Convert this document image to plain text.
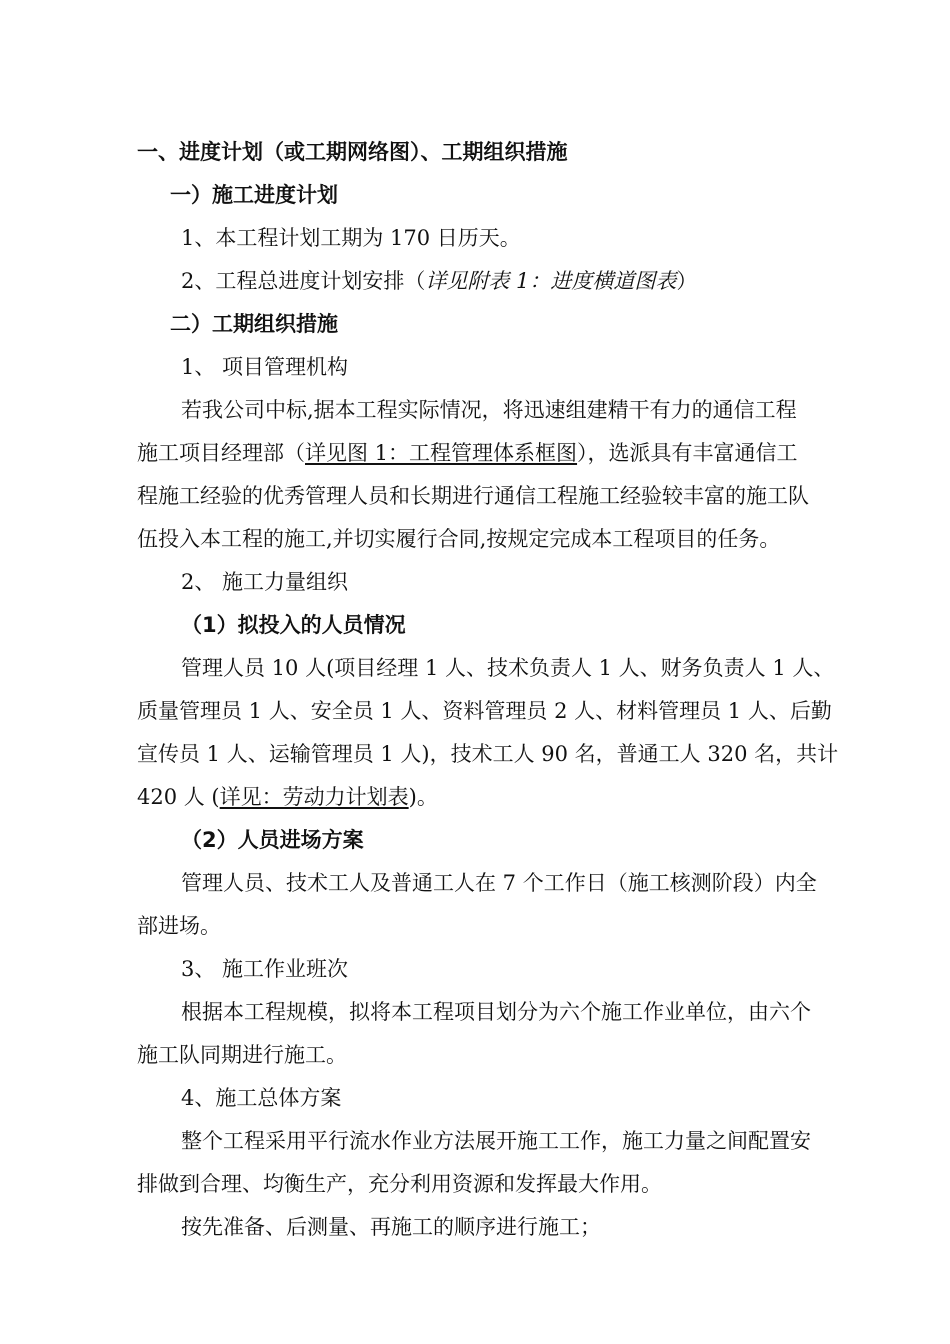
一、进度计划（或工期网络图）、工期组织措施
一）施工进度计划
1、本工程计划工期为 170 日历天。
2、工程总进度计划安排（详见附表 1：进度横道图表）
二）工期组织措施
1、 项目管理机构
若我公司中标,据本工程实际情况，将迅速组建精干有力的通信工程
施工项目经理部（详见图 1：工程管理体系框图），选派具有丰富通信工
程施工经验的优秀管理人员和长期进行通信工程施工经验较丰富的施工队
伍投入本工程的施工,并切实履行合同,按规定完成本工程项目的任务。
2、 施工力量组织
（1）拟投入的人员情况
管理人员 10 人(项目经理 1 人、技术负责人 1 人、财务负责人 1 人、
质量管理员 1 人、安全员 1 人、资料管理员 2 人、材料管理员 1 人、后勤
宣传员 1 人、运输管理员 1 人)，技术工人 90 名，普通工人 320 名，共计
420 人 (详见：劳动力计划表)。
（2）人员进场方案
管理人员、技术工人及普通工人在 7 个工作日（施工核测阶段）内全
部进场。
3、 施工作业班次
根据本工程规模，拟将本工程项目划分为六个施工作业单位，由六个
施工队同期进行施工。
4、施工总体方案
整个工程采用平行流水作业方法展开施工工作，施工力量之间配置安
排做到合理、均衡生产，充分利用资源和发挥最大作用。
按先准备、后测量、再施工的顺序进行施工；
